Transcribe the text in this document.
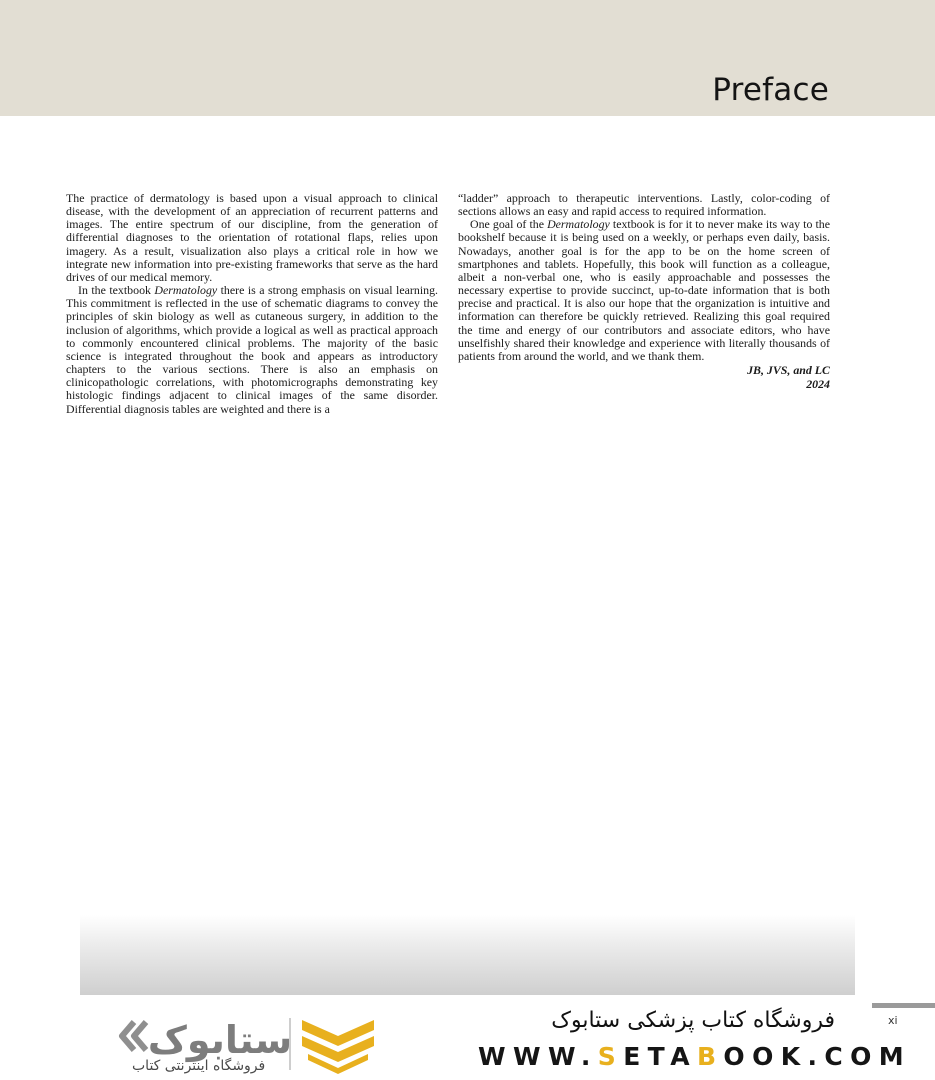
Preface

The practice of dermatology is based upon a visual approach to clinical disease, with the development of an appreciation of recurrent patterns and images. The entire spectrum of our discipline, from the generation of differential diagnoses to the orientation of rotational flaps, relies upon imagery. As a result, visualization also plays a critical role in how we integrate new information into pre-existing frameworks that serve as the hard drives of our medical memory.

In the textbook Dermatology there is a strong emphasis on visual learning. This commitment is reflected in the use of schematic diagrams to convey the principles of skin biology as well as cutaneous surgery, in addition to the inclusion of algorithms, which provide a logical as well as practical approach to commonly encountered clinical problems. The majority of the basic science is integrated throughout the book and appears as introductory chapters to the various sections. There is also an emphasis on clinicopathologic correlations, with photomicrographs demonstrating key histologic findings adjacent to clinical images of the same disorder. Differential diagnosis tables are weighted and there is a

“ladder” approach to therapeutic interventions. Lastly, color-coding of sections allows an easy and rapid access to required information.

One goal of the Dermatology textbook is for it to never make its way to the bookshelf because it is being used on a weekly, or perhaps even daily, basis. Nowadays, another goal is for the app to be on the home screen of smartphones and tablets. Hopefully, this book will function as a colleague, albeit a non-verbal one, who is easily approachable and possesses the necessary expertise to provide succinct, up-to-date information that is both precise and practical. It is also our hope that the organization is intuitive and information can therefore be quickly retrieved. Realizing this goal required the time and energy of our contributors and associate editors, who have unselfishly shared their knowledge and experience with literally thousands of patients from around the world, and we thank them.

JB, JVS, and LC
2024
xi
فروشگاه کتاب پزشکی ستابوک
WWW.SETABOOK.COM
ستابوک
فروشگاه اینترنتی کتاب
